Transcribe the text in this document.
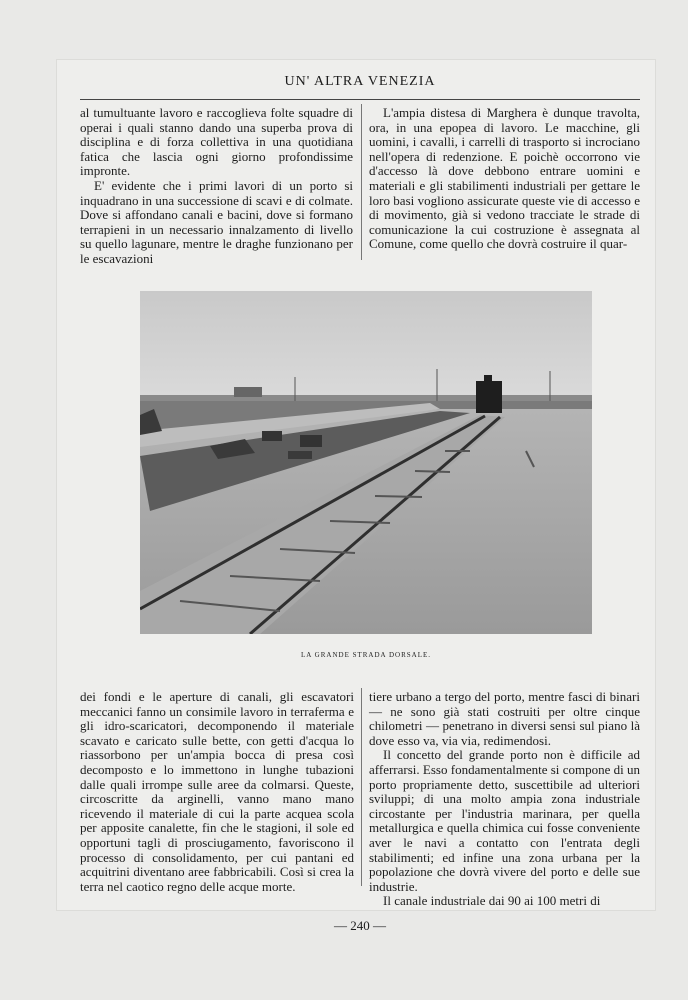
UN' ALTRA VENEZIA

al tumultuante lavoro e raccoglieva folte squadre di operai i quali stanno dando una superba prova di disciplina e di forza collettiva in una quotidiana fatica che lascia ogni giorno profondissime impronte.

E' evidente che i primi lavori di un porto si inquadrano in una successione di scavi e di colmate. Dove si affondano canali e bacini, dove si formano terrapieni in un necessario innalzamento di livello su quello lagunare, mentre le draghe funzionano per le escavazioni

L'ampia distesa di Marghera è dunque travolta, ora, in una epopea di lavoro. Le macchine, gli uomini, i cavalli, i carrelli di trasporto si incrociano nell'opera di redenzione. E poichè occorrono vie d'accesso là dove debbono entrare uomini e materiali e gli stabilimenti industriali per gettare le loro basi vogliono assicurate queste vie di accesso e di movimento, già si vedono tracciate le strade di comunicazione la cui costruzione è assegnata al Comune, come quello che dovrà costruire il quar-

LA GRANDE STRADA DORSALE.

dei fondi e le aperture di canali, gli escavatori meccanici fanno un consimile lavoro in terraferma e gli idro-scaricatori, decomponendo il materiale scavato e caricato sulle bette, con getti d'acqua lo riassorbono per un'ampia bocca di presa così decomposto e lo immettono in lunghe tubazioni dalle quali irrompe sulle aree da colmarsi. Queste, circoscritte da arginelli, vanno mano mano ricevendo il materiale di cui la parte acquea scola per apposite canalette, fin che le stagioni, il sole ed opportuni tagli di prosciugamento, favoriscono il processo di consolidamento, per cui pantani ed acquitrini diventano aree fabbricabili. Così si crea la terra nel caotico regno delle acque morte.

tiere urbano a tergo del porto, mentre fasci di binari — ne sono già stati costruiti per oltre cinque chilometri — penetrano in diversi sensi sul piano là dove esso va, via via, redimendosi.

Il concetto del grande porto non è difficile ad afferrarsi. Esso fondamentalmente si compone di un porto propriamente detto, suscettibile ad ulteriori sviluppi; di una molto ampia zona industriale circostante per l'industria marinara, per quella metallurgica e quella chimica cui fosse conveniente aver le navi a contatto con l'entrata degli stabilimenti; ed infine una zona urbana per la popolazione che dovrà vivere del porto e delle sue industrie.

Il canale industriale dai 90 ai 100 metri di

— 240 —
